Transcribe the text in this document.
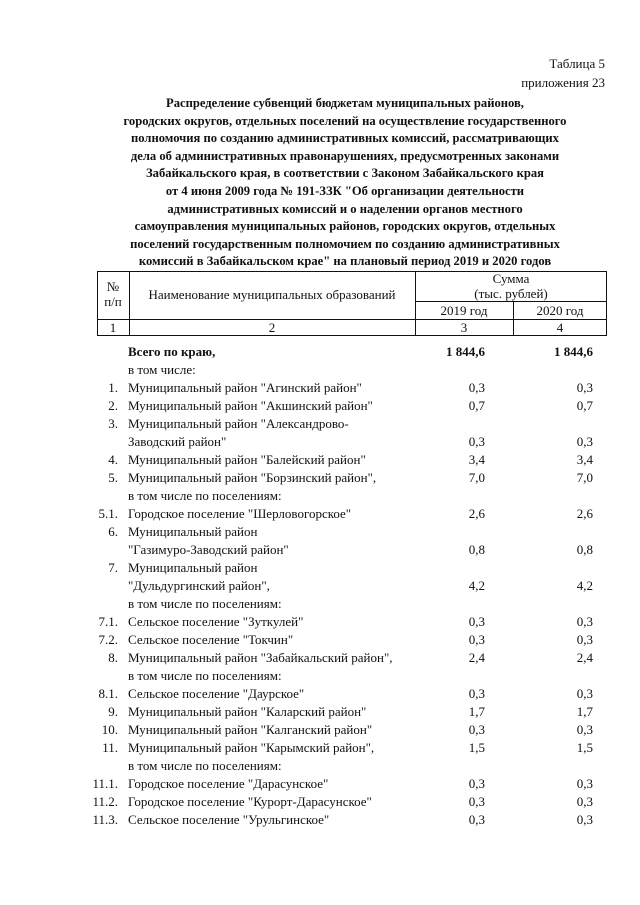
Таблица 5
приложения 23
Распределение субвенций бюджетам муниципальных районов,
городских округов, отдельных поселений на осуществление государственного
полномочия по созданию административных комиссий, рассматривающих
дела об административных правонарушениях, предусмотренных законами
Забайкальского края, в соответствии с Законом Забайкальского края
от 4 июня 2009 года № 191-ЗЗК "Об организации деятельности
административных комиссий и о наделении органов местного
самоуправления муниципальных районов, городских округов, отдельных
поселений государственным полномочием по созданию административных
комиссий в Забайкальском крае" на плановый период 2019 и 2020 годов
№
п/п	Наименование муниципальных образований
Сумма
(тыс. рублей)
2019 год	2020 год
1	2	3	4
Всего по краю,	1 844,6	1 844,6
в том числе:
1. Муниципальный район "Агинский район"	0,3	0,3
2. Муниципальный район "Акшинский район"	0,7	0,7
3. Муниципальный район "Александрово-
Заводский район"	0,3	0,3
4. Муниципальный район "Балейский район"	3,4	3,4
5. Муниципальный район "Борзинский район",	7,0	7,0
в том числе по поселениям:
5.1. Городское поселение "Шерловогорское"	2,6	2,6
6. Муниципальный район
"Газимуро-Заводский район"	0,8	0,8
7. Муниципальный район
"Дульдургинский район",	4,2	4,2
в том числе по поселениям:
7.1. Сельское поселение "Зуткулей"	0,3	0,3
7.2. Сельское поселение "Токчин"	0,3	0,3
8. Муниципальный район "Забайкальский район",	2,4	2,4
в том числе по поселениям:
8.1. Сельское поселение "Даурское"	0,3	0,3
9. Муниципальный район "Каларский район"	1,7	1,7
10. Муниципальный район "Калганский район"	0,3	0,3
11. Муниципальный район "Карымский район",	1,5	1,5
в том числе по поселениям:
11.1. Городское поселение "Дарасунское"	0,3	0,3
11.2. Городское поселение "Курорт-Дарасунское"	0,3	0,3
11.3. Сельское поселение "Урульгинское"	0,3	0,3
